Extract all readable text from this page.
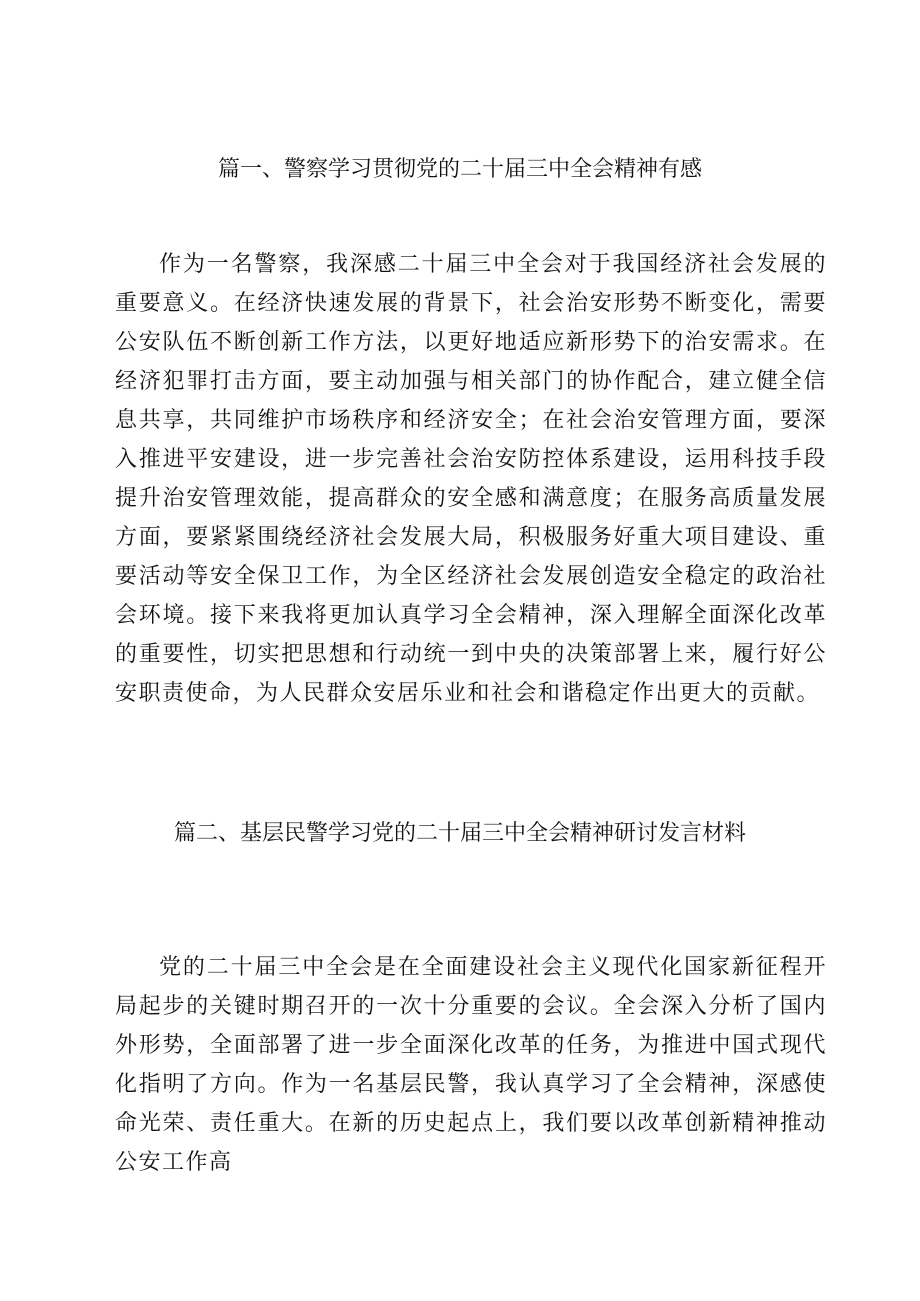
篇一、警察学习贯彻党的二十届三中全会精神有感

作为一名警察，我深感二十届三中全会对于我国经济社会发展的重要意义。在经济快速发展的背景下，社会治安形势不断变化，需要公安队伍不断创新工作方法，以更好地适应新形势下的治安需求。在经济犯罪打击方面，要主动加强与相关部门的协作配合，建立健全信息共享，共同维护市场秩序和经济安全；在社会治安管理方面，要深入推进平安建设，进一步完善社会治安防控体系建设，运用科技手段提升治安管理效能，提高群众的安全感和满意度；在服务高质量发展方面，要紧紧围绕经济社会发展大局，积极服务好重大项目建设、重要活动等安全保卫工作，为全区经济社会发展创造安全稳定的政治社会环境。接下来我将更加认真学习全会精神，深入理解全面深化改革的重要性，切实把思想和行动统一到中央的决策部署上来，履行好公安职责使命，为人民群众安居乐业和社会和谐稳定作出更大的贡献。

篇二、基层民警学习党的二十届三中全会精神研讨发言材料

党的二十届三中全会是在全面建设社会主义现代化国家新征程开局起步的关键时期召开的一次十分重要的会议。全会深入分析了国内外形势，全面部署了进一步全面深化改革的任务，为推进中国式现代化指明了方向。作为一名基层民警，我认真学习了全会精神，深感使命光荣、责任重大。在新的历史起点上，我们要以改革创新精神推动公安工作高
